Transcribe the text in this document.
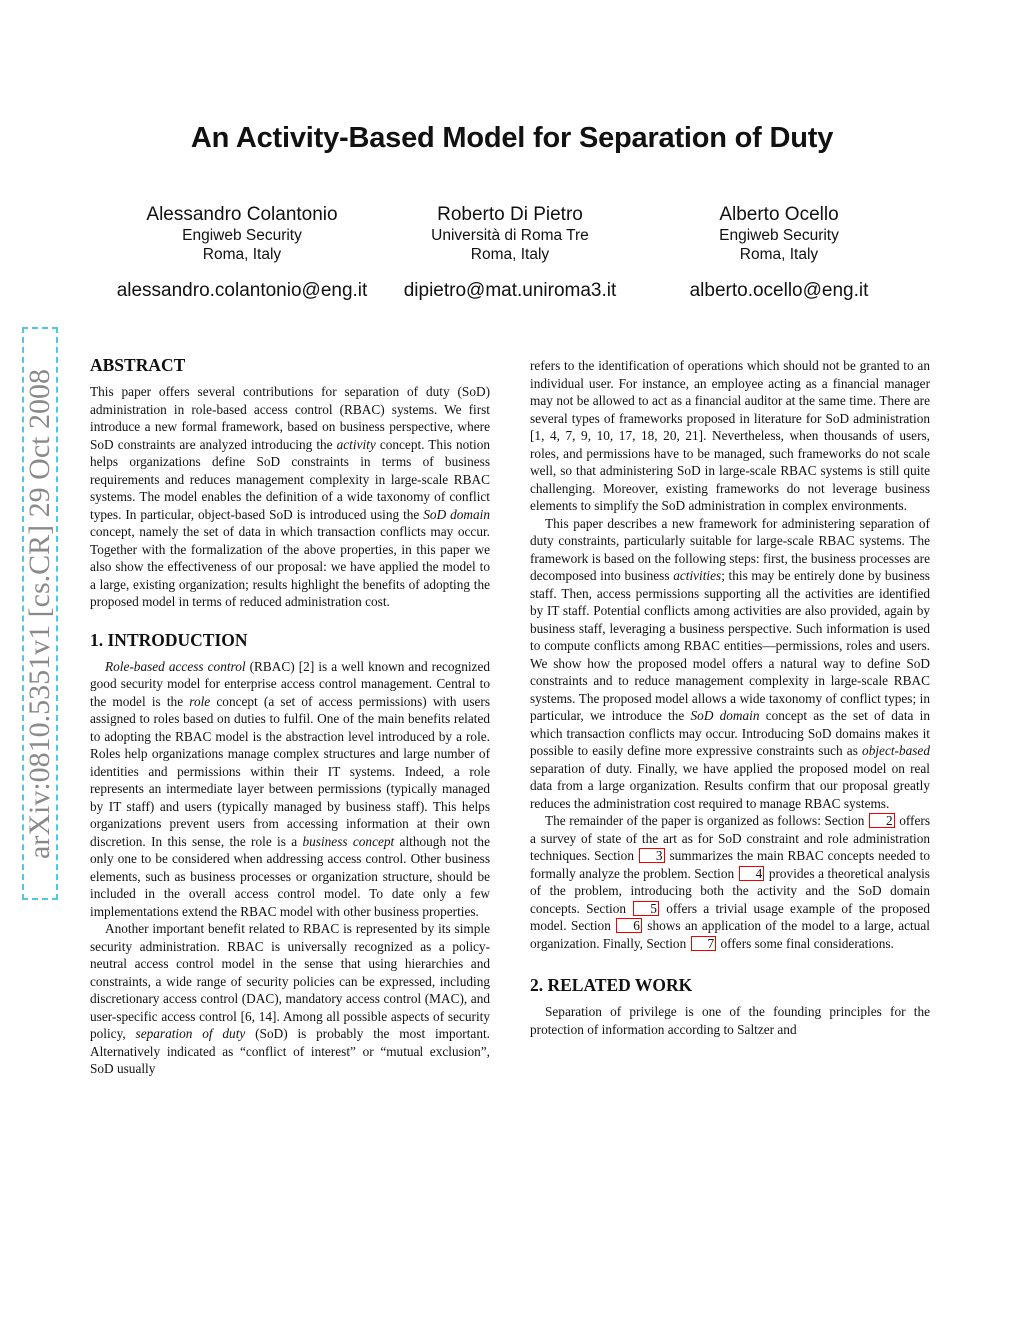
An Activity-Based Model for Separation of Duty
Alessandro Colantonio
Engiweb Security
Roma, Italy
alessandro.colantonio@eng.it
Roberto Di Pietro
Università di Roma Tre
Roma, Italy
dipietro@mat.uniroma3.it
Alberto Ocello
Engiweb Security
Roma, Italy
alberto.ocello@eng.it
arXiv:0810.5351v1 [cs.CR] 29 Oct 2008
ABSTRACT

This paper offers several contributions for separation of duty (SoD) administration in role-based access control (RBAC) systems. We first introduce a new formal framework, based on business perspective, where SoD constraints are analyzed introducing the activity concept. This notion helps organizations define SoD constraints in terms of business requirements and reduces management complexity in large-scale RBAC systems. The model enables the definition of a wide taxonomy of conflict types. In particular, object-based SoD is introduced using the SoD domain concept, namely the set of data in which transaction conflicts may occur. Together with the formalization of the above properties, in this paper we also show the effectiveness of our proposal: we have applied the model to a large, existing organization; results highlight the benefits of adopting the proposed model in terms of reduced administration cost.

1. INTRODUCTION

Role-based access control (RBAC) [2] is a well known and recognized good security model for enterprise access control management. Central to the model is the role concept (a set of access permissions) with users assigned to roles based on duties to fulfil. One of the main benefits related to adopting the RBAC model is the abstraction level introduced by a role. Roles help organizations manage complex structures and large number of identities and permissions within their IT systems. Indeed, a role represents an intermediate layer between permissions (typically managed by IT staff) and users (typically managed by business staff). This helps organizations prevent users from accessing information at their own discretion. In this sense, the role is a business concept although not the only one to be considered when addressing access control. Other business elements, such as business processes or organization structure, should be included in the overall access control model. To date only a few implementations extend the RBAC model with other business properties.

Another important benefit related to RBAC is represented by its simple security administration. RBAC is universally recognized as a policy-neutral access control model in the sense that using hierarchies and constraints, a wide range of security policies can be expressed, including discretionary access control (DAC), mandatory access control (MAC), and user-specific access control [6, 14]. Among all possible aspects of security policy, separation of duty (SoD) is probably the most important. Alternatively indicated as “conflict of interest” or “mutual exclusion”, SoD usually

refers to the identification of operations which should not be granted to an individual user. For instance, an employee acting as a financial manager may not be allowed to act as a financial auditor at the same time. There are several types of frameworks proposed in literature for SoD administration [1, 4, 7, 9, 10, 17, 18, 20, 21]. Nevertheless, when thousands of users, roles, and permissions have to be managed, such frameworks do not scale well, so that administering SoD in large-scale RBAC systems is still quite challenging. Moreover, existing frameworks do not leverage business elements to simplify the SoD administration in complex environments.

This paper describes a new framework for administering separation of duty constraints, particularly suitable for large-scale RBAC systems. The framework is based on the following steps: first, the business processes are decomposed into business activities; this may be entirely done by business staff. Then, access permissions supporting all the activities are identified by IT staff. Potential conflicts among activities are also provided, again by business staff, leveraging a business perspective. Such information is used to compute conflicts among RBAC entities—permissions, roles and users. We show how the proposed model offers a natural way to define SoD constraints and to reduce management complexity in large-scale RBAC systems. The proposed model allows a wide taxonomy of conflict types; in particular, we introduce the SoD domain concept as the set of data in which transaction conflicts may occur. Introducing SoD domains makes it possible to easily define more expressive constraints such as object-based separation of duty. Finally, we have applied the proposed model on real data from a large organization. Results confirm that our proposal greatly reduces the administration cost required to manage RBAC systems.

The remainder of the paper is organized as follows: Section 2 offers a survey of state of the art as for SoD constraint and role administration techniques. Section 3 summarizes the main RBAC concepts needed to formally analyze the problem. Section 4 provides a theoretical analysis of the problem, introducing both the activity and the SoD domain concepts. Section 5 offers a trivial usage example of the proposed model. Section 6 shows an application of the model to a large, actual organization. Finally, Section 7 offers some final considerations.

2. RELATED WORK

Separation of privilege is one of the founding principles for the protection of information according to Saltzer and
